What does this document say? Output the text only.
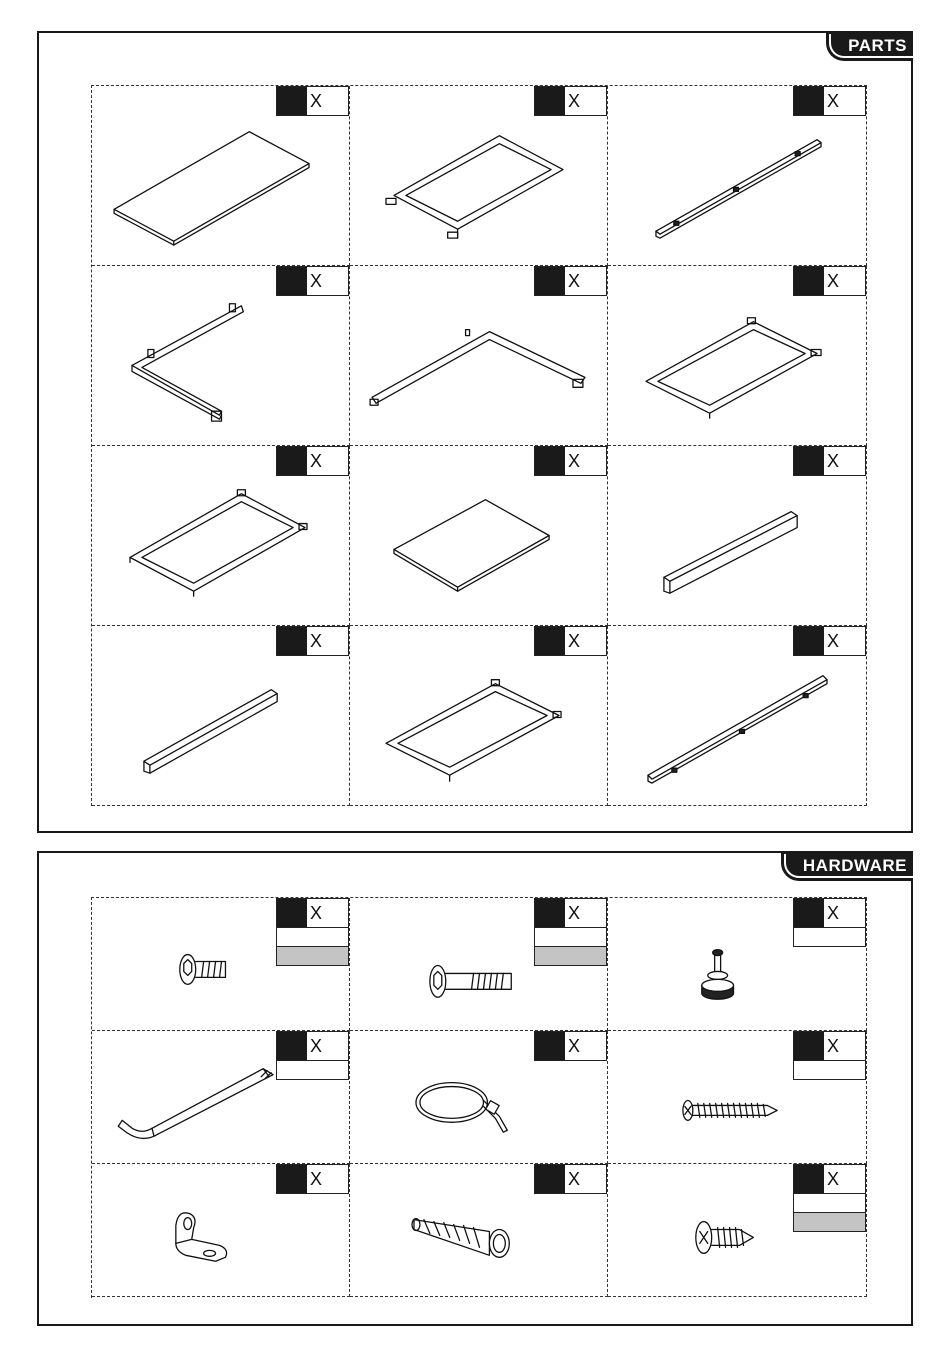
PARTS
X	X	X
X	X	X
X	X	X
X	X	X
HARDWARE
X	X	X
X	X	X
X	X	X
